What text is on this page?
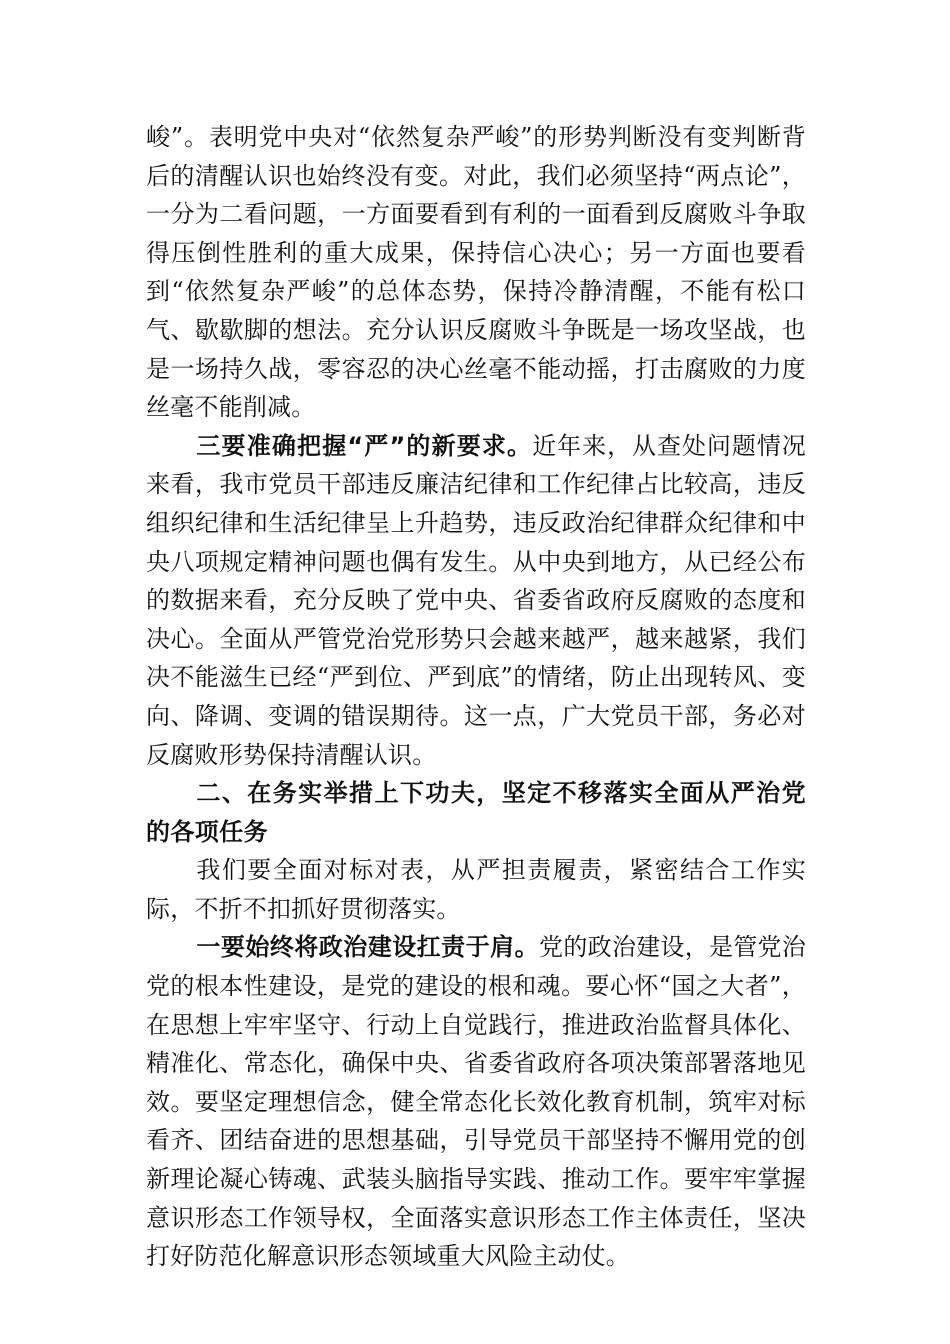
峻”。表明党中央对“依然复杂严峻”的形势判断没有变判断背后的清醒认识也始终没有变。对此，我们必须坚持“两点论”，一分为二看问题，一方面要看到有利的一面看到反腐败斗争取得压倒性胜利的重大成果，保持信心决心；另一方面也要看到“依然复杂严峻”的总体态势，保持冷静清醒，不能有松口气、歇歇脚的想法。充分认识反腐败斗争既是一场攻坚战，也是一场持久战，零容忍的决心丝毫不能动摇，打击腐败的力度丝毫不能削减。

三要准确把握“严”的新要求。近年来，从查处问题情况来看，我市党员干部违反廉洁纪律和工作纪律占比较高，违反组织纪律和生活纪律呈上升趋势，违反政治纪律群众纪律和中央八项规定精神问题也偶有发生。从中央到地方，从已经公布的数据来看，充分反映了党中央、省委省政府反腐败的态度和决心。全面从严管党治党形势只会越来越严，越来越紧，我们决不能滋生已经“严到位、严到底”的情绪，防止出现转风、变向、降调、变调的错误期待。这一点，广大党员干部，务必对反腐败形势保持清醒认识。

二、在务实举措上下功夫，坚定不移落实全面从严治党的各项任务

我们要全面对标对表，从严担责履责，紧密结合工作实际，不折不扣抓好贯彻落实。

一要始终将政治建设扛责于肩。党的政治建设，是管党治党的根本性建设，是党的建设的根和魂。要心怀“国之大者”，在思想上牢牢坚守、行动上自觉践行，推进政治监督具体化、精准化、常态化，确保中央、省委省政府各项决策部署落地见效。要坚定理想信念，健全常态化长效化教育机制，筑牢对标看齐、团结奋进的思想基础，引导党员干部坚持不懈用党的创新理论凝心铸魂、武装头脑指导实践、推动工作。要牢牢掌握意识形态工作领导权，全面落实意识形态工作主体责任，坚决打好防范化解意识形态领域重大风险主动仗。
